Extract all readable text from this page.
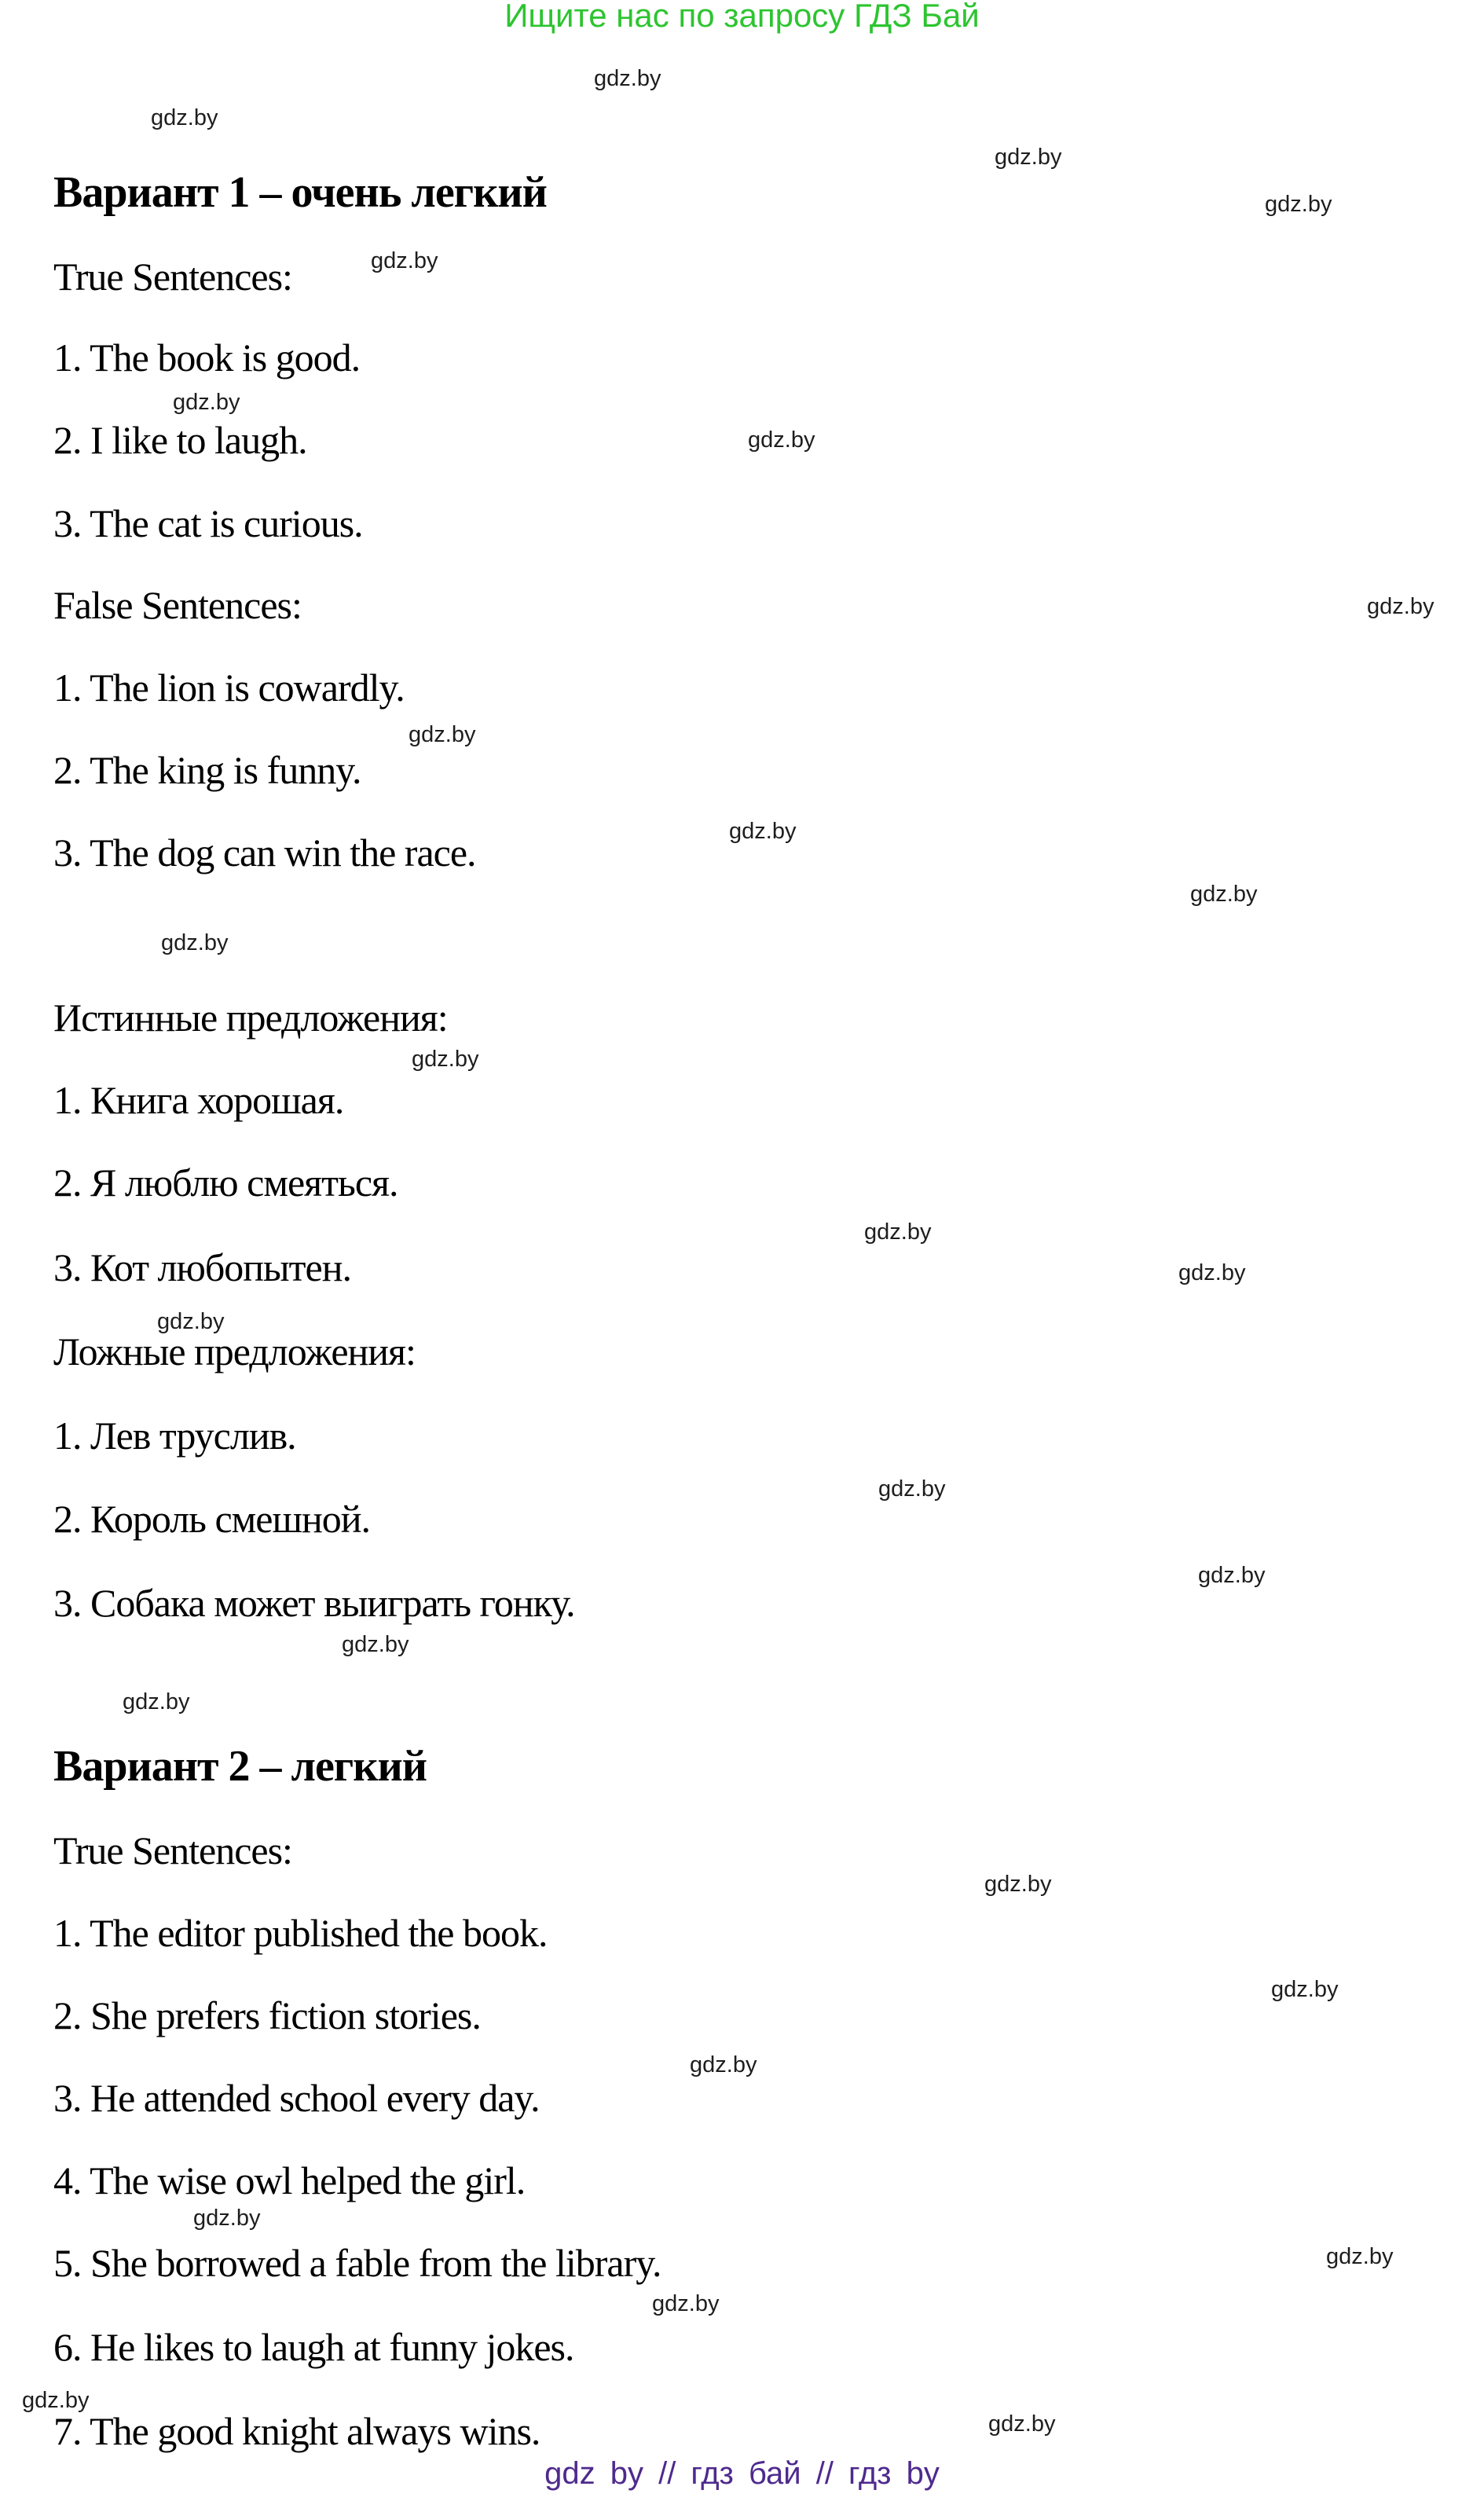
Ищите нас по запросу ГДЗ Бай
gdz.by
gdz.by
gdz.by
gdz.by
gdz.by
gdz.by
gdz.by
gdz.by
gdz.by
gdz.by
gdz.by
gdz.by
gdz.by
gdz.by
gdz.by
gdz.by
gdz.by
gdz.by
gdz.by
gdz.by
gdz.by
gdz.by
gdz.by
gdz.by
gdz.by
gdz.by
gdz.by
gdz.by
Вариант 1 – очень легкий
True Sentences:
1. The book is good.
2. I like to laugh.
3. The cat is curious.
False Sentences:
1. The lion is cowardly.
2. The king is funny.
3. The dog can win the race.
Истинные предложения:
1. Книга хорошая.
2. Я люблю смеяться.
3. Кот любопытен.
Ложные предложения:
1. Лев труслив.
2. Король смешной.
3. Собака может выиграть гонку.
Вариант 2 – легкий
True Sentences:
1. The editor published the book.
2. She prefers fiction stories.
3. He attended school every day.
4. The wise owl helped the girl.
5. She borrowed a fable from the library.
6. He likes to laugh at funny jokes.
7. The good knight always wins.
gdz by // гдз бай // гдз by
